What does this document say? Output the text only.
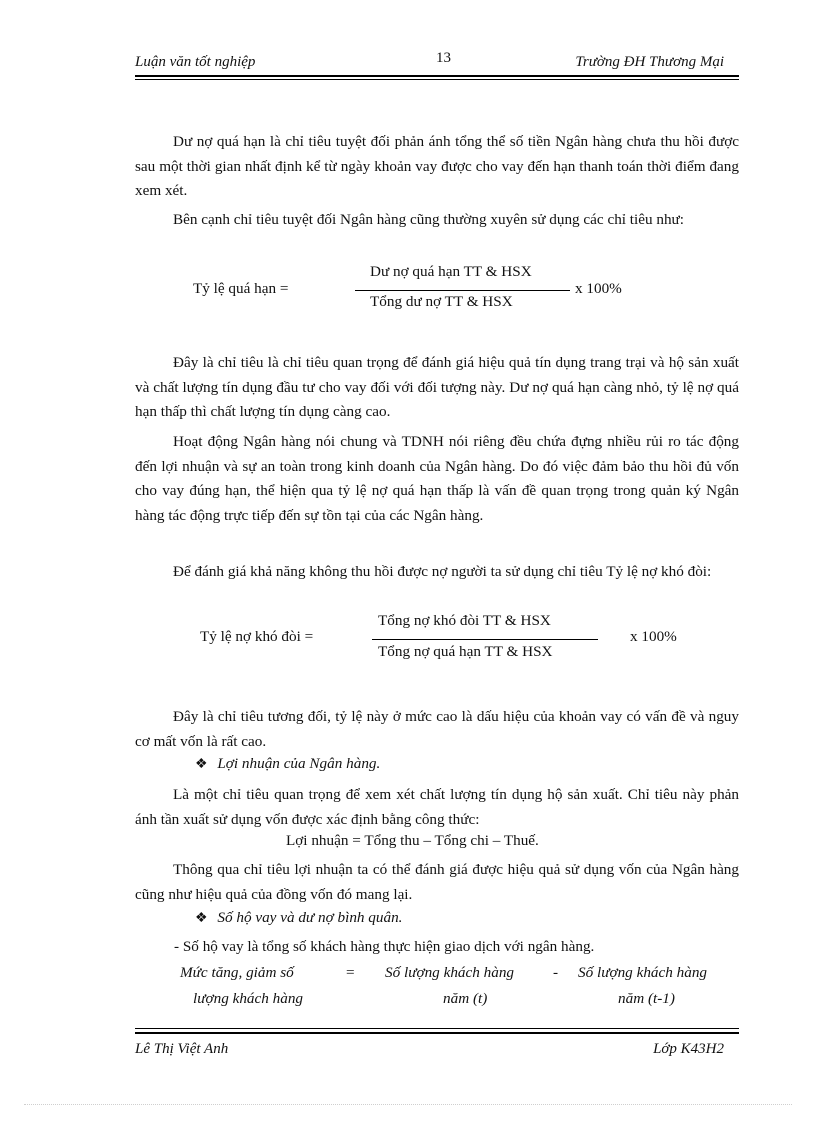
Luận văn tốt nghiệp	13	Trường ĐH Thương Mại
Dư nợ quá hạn là chỉ tiêu tuyệt đối phản ánh tổng thể số tiền Ngân hàng chưa thu hồi được sau một thời gian nhất định kể từ ngày khoản vay được cho vay đến hạn thanh toán thời điểm đang xem xét.
Bên cạnh chỉ tiêu tuyệt đối Ngân hàng cũng thường xuyên sử dụng các chỉ tiêu như:
Tỷ lệ quá hạn =
Dư nợ quá hạn TT & HSX
Tổng dư nợ TT & HSX
x 100%
Đây là chỉ tiêu là chỉ tiêu quan trọng để đánh giá hiệu quả tín dụng trang trại và hộ sản xuất và chất lượng tín dụng đầu tư cho vay đối với đối tượng này. Dư nợ quá hạn càng nhỏ, tỷ lệ nợ quá hạn thấp thì chất lượng tín dụng càng cao.
Hoạt động Ngân hàng nói chung và TDNH nói riêng đều chứa đựng nhiều rủi ro tác động đến lợi nhuận và sự an toàn trong kinh doanh của Ngân hàng. Do đó việc đảm bảo thu hồi đủ vốn cho vay đúng hạn, thể hiện qua tỷ lệ nợ quá hạn thấp là vấn đề quan trọng trong quản ký Ngân hàng tác động trực tiếp đến sự tồn tại của các Ngân hàng.
Để đánh giá khả năng không thu hồi được nợ người ta sử dụng chỉ tiêu Tỷ lệ nợ khó đòi:
Tỷ lệ nợ khó đòi =
Tổng nợ khó đòi TT & HSX
Tổng nợ quá hạn TT & HSX
x 100%
Đây là chỉ tiêu tương đối, tỷ lệ này ở mức cao là dấu hiệu của khoản vay có vấn đề và nguy cơ mất vốn là rất cao.
❖ Lợi nhuận của Ngân hàng.
Là một chỉ tiêu quan trọng để xem xét chất lượng tín dụng hộ sản xuất. Chỉ tiêu này phản ánh tần xuất sử dụng vốn được xác định bằng công thức:
Lợi nhuận = Tổng thu – Tổng chi – Thuế.
Thông qua chỉ tiêu lợi nhuận ta có thể đánh giá được hiệu quả sử dụng vốn của Ngân hàng cũng như hiệu quả của đồng vốn đó mang lại.
❖ Số hộ vay và dư nợ bình quân.
- Số hộ vay là tổng số khách hàng thực hiện giao dịch với ngân hàng.
Mức tăng, giảm số
lượng khách hàng
= Số lượng khách hàng
năm (t)
- Số lượng khách hàng
năm (t-1)
Lê Thị Việt Anh	Lớp K43H2
